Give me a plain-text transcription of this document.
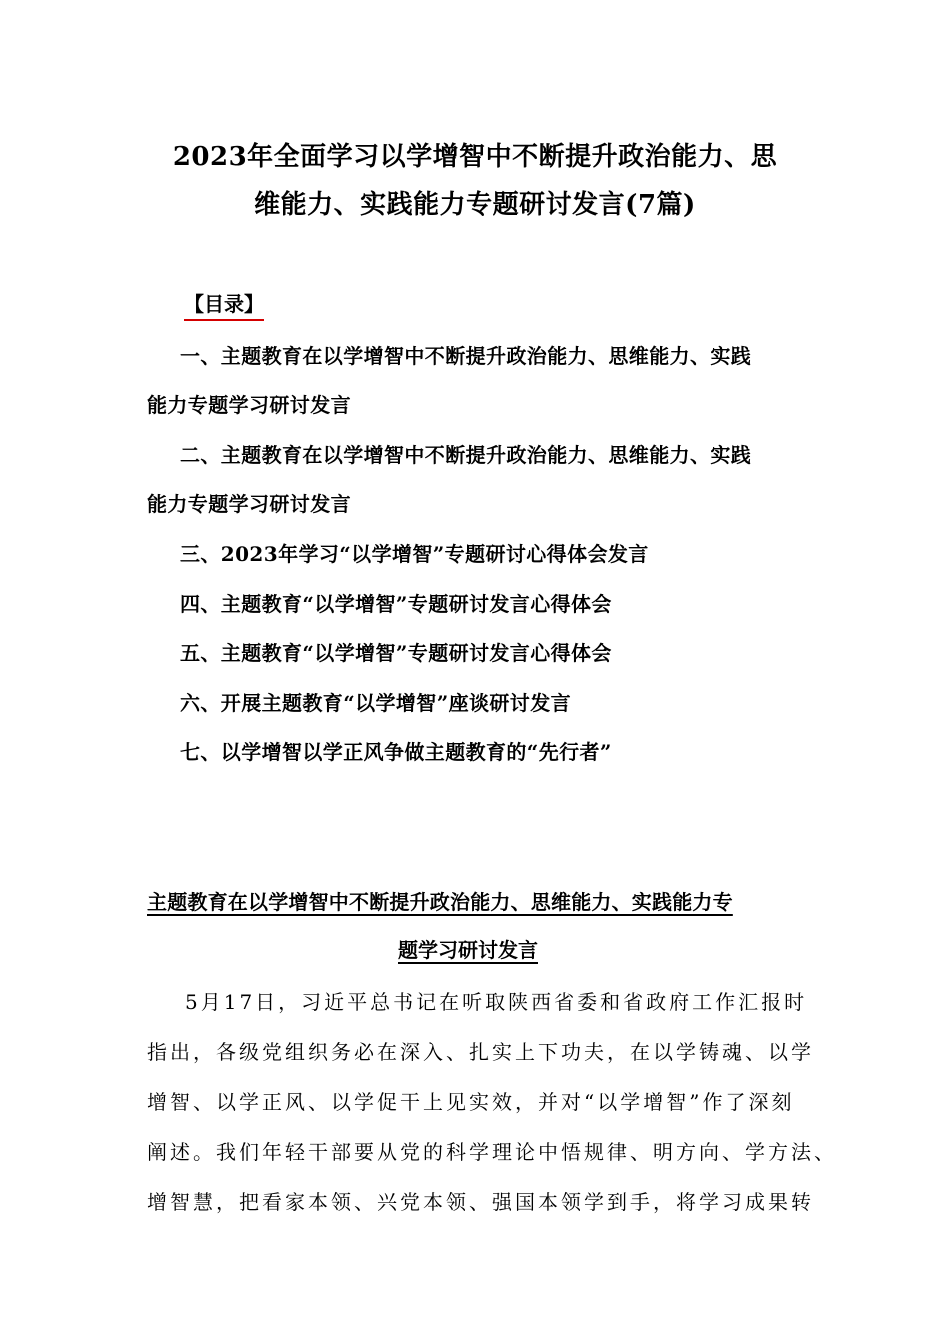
2023年全面学习以学增智中不断提升政治能力、思
维能力、实践能力专题研讨发言(7篇)
【目录】
一、主题教育在以学增智中不断提升政治能力、思维能力、实践
能力专题学习研讨发言
二、主题教育在以学增智中不断提升政治能力、思维能力、实践
能力专题学习研讨发言
三、2023年学习“以学增智”专题研讨心得体会发言
四、主题教育“以学增智”专题研讨发言心得体会
五、主题教育“以学增智”专题研讨发言心得体会
六、开展主题教育“以学增智”座谈研讨发言
七、以学增智以学正风争做主题教育的“先行者”
主题教育在以学增智中不断提升政治能力、思维能力、实践能力专
题学习研讨发言
5月17日，习近平总书记在听取陕西省委和省政府工作汇报时
指出，各级党组织务必在深入、扎实上下功夫，在以学铸魂、以学
增智、以学正风、以学促干上见实效，并对“以学增智”作了深刻
阐述。我们年轻干部要从党的科学理论中悟规律、明方向、学方法、
增智慧，把看家本领、兴党本领、强国本领学到手，将学习成果转
